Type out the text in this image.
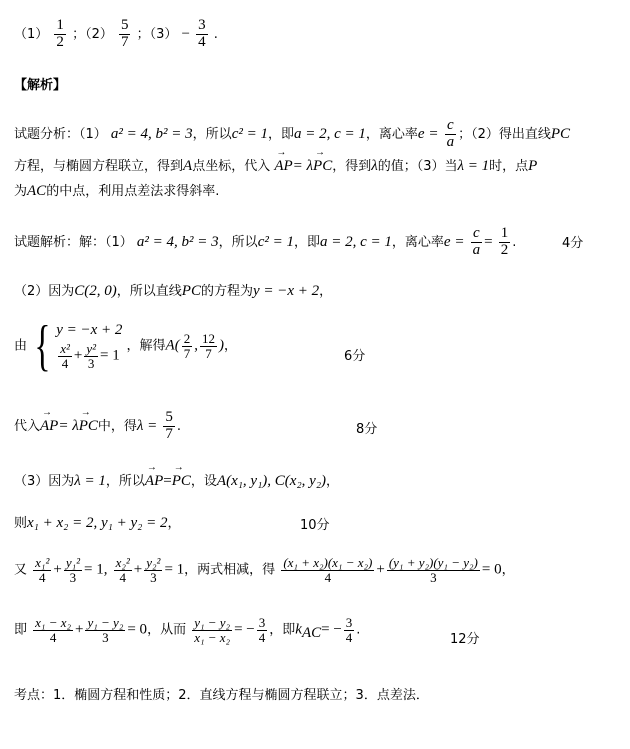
$(1) \frac{1}{2}$ ；$(2) \frac{5}{7}$ ；$(3) - \frac{3}{4}$ .
【解析】
试题分析：（1） a² = 4, b² = 3，所以c² = 1，即a = 2, c = 1，离心率$e = \frac{c}{a}$ ；（2）得出直线PC
方程，与椭圆方程联立，得到A点坐标，代入 → AP= λ→ PC，得到λ的值；（3）当λ = 1时，点P
为AC的中点，利用点差法求得斜率.
试题解析：解：（1） a² = 4, b² = 3，所以c² = 1，即a = 2, c = 1，离心率$e = \frac{c}{a} = \frac{1}{2}$ .	4分
（2）因为C(2, 0)，所以直线PC的方程为y = −x + 2，
由 { y = −x + 2
$\frac{\text{x²}}{4} + \frac{\text{y²}}{3} = 1$
，解得$A( \frac{2}{7}$ , $\frac{12}{7}$ )，
6分
代入→ AP= λ→ PC中，得$\lambda = \frac{5}{7}$ .	8分
（3）因为λ = 1，所以→ AP=→ PC，设A(x₁, y₁), C(x₂, y₂)，
则x₁ + x₂ = 2, y₁ + y₂ = 2，	10分
又 $\frac{\text{x₁²}}{4} + \frac{\text{y₁²}}{3} = 1$, $\frac{\text{x₂²}}{4} + \frac{\text{y₂²}}{3} = 1$，两式相减，得 $\frac{\text{(x₁ + x₂)(x₁ − x₂)}}{4} + \frac{\text{(y₁ + y₂)(y₁ − y₂)}}{3} = 0$，
即 $\frac{\text{x₁ − x₂}}{4} + \frac{\text{y₁ − y₂}}{3} = 0$，从而 $\frac{\text{y₁ − y₂}}{\text{x₁ − x₂}}$ = − $\frac{3}{4}$ ，即$k_{AC}= - \frac{3}{4}$ .
12分
考点：1．椭圆方程和性质；2．直线方程与椭圆方程联立；3．点差法．
